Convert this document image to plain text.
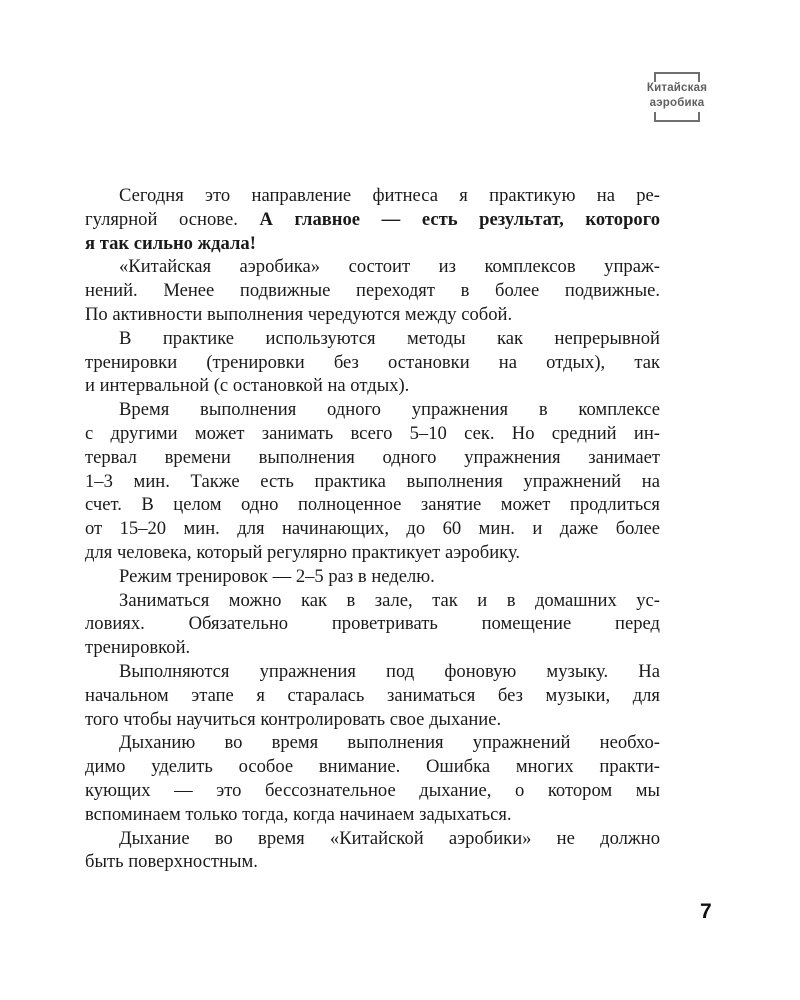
Китайская
аэробика
Сегодня это направление фитнеса я практикую на ре-
гулярной основе. А главное — есть результат, которого
я так сильно ждала!
«Китайская аэробика» состоит из комплексов упраж-
нений. Менее подвижные переходят в более подвижные.
По активности выполнения чередуются между собой.
В практике используются методы как непрерывной
тренировки (тренировки без остановки на отдых), так
и интервальной (с остановкой на отдых).
Время выполнения одного упражнения в комплексе
с другими может занимать всего 5–10 сек. Но средний ин-
тервал времени выполнения одного упражнения занимает
1–3 мин. Также есть практика выполнения упражнений на
счет. В целом одно полноценное занятие может продлиться
от 15–20 мин. для начинающих, до 60 мин. и даже более
для человека, который регулярно практикует аэробику.
Режим тренировок — 2–5 раз в неделю.
Заниматься можно как в зале, так и в домашних ус-
ловиях. Обязательно проветривать помещение перед
тренировкой.
Выполняются упражнения под фоновую музыку. На
начальном этапе я старалась заниматься без музыки, для
того чтобы научиться контролировать свое дыхание.
Дыханию во время выполнения упражнений необхо-
димо уделить особое внимание. Ошибка многих практи-
кующих — это бессознательное дыхание, о котором мы
вспоминаем только тогда, когда начинаем задыхаться.
Дыхание во время «Китайской аэробики» не должно
быть поверхностным.
7
